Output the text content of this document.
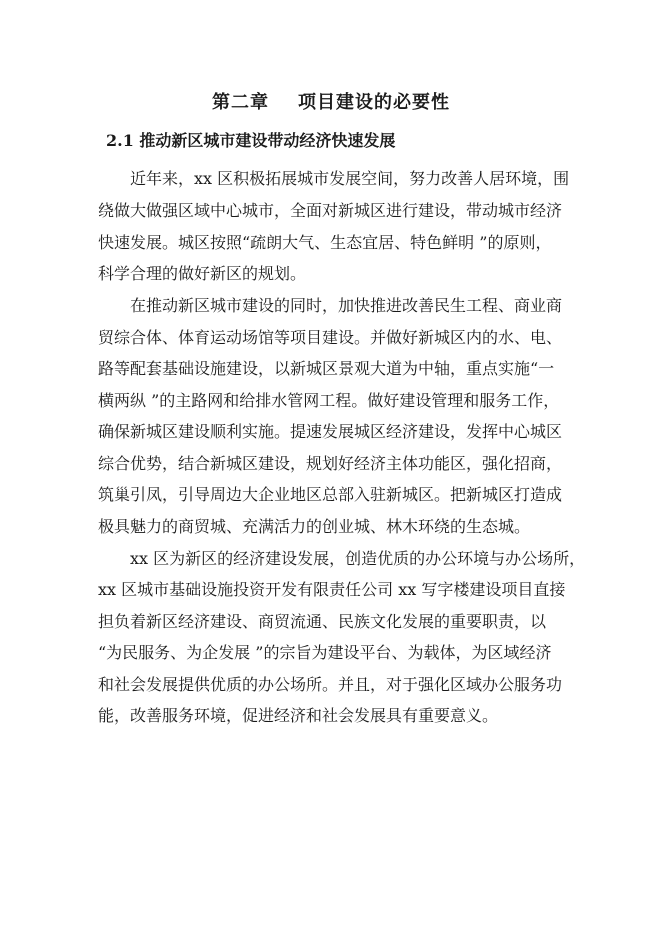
第二章    项目建设的必要性
2.1 推动新区城市建设带动经济快速发展
近年来，xx 区积极拓展城市发展空间，努力改善人居环境，围
绕做大做强区域中心城市，全面对新城区进行建设，带动城市经济
快速发展。城区按照“疏朗大气、生态宜居、特色鲜明 ”的原则，
科学合理的做好新区的规划。
在推动新区城市建设的同时，加快推进改善民生工程、商业商
贸综合体、体育运动场馆等项目建设。并做好新城区内的水、电、
路等配套基础设施建设，以新城区景观大道为中轴，重点实施“一
横两纵 ”的主路网和给排水管网工程。做好建设管理和服务工作，
确保新城区建设顺利实施。提速发展城区经济建设，发挥中心城区
综合优势，结合新城区建设，规划好经济主体功能区，强化招商，
筑巢引凤，引导周边大企业地区总部入驻新城区。把新城区打造成
极具魅力的商贸城、充满活力的创业城、林木环绕的生态城。
xx 区为新区的经济建设发展，创造优质的办公环境与办公场所，
xx 区城市基础设施投资开发有限责任公司 xx 写字楼建设项目直接
担负着新区经济建设、商贸流通、民族文化发展的重要职责，以
“为民服务、为企发展 ”的宗旨为建设平台、为载体，为区域经济
和社会发展提供优质的办公场所。并且，对于强化区域办公服务功
能，改善服务环境，促进经济和社会发展具有重要意义。
